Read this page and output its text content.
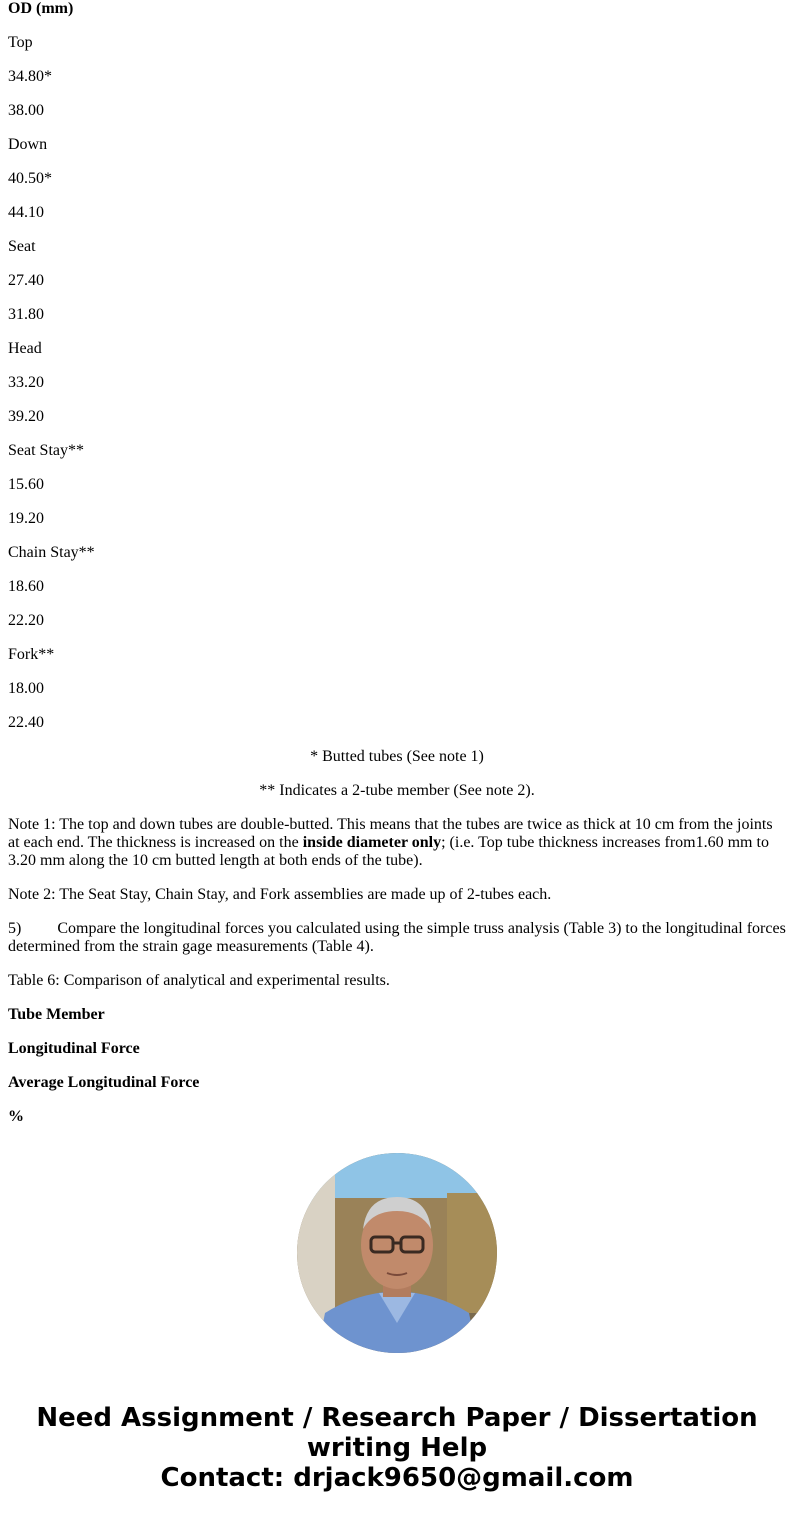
OD (mm)

Top

34.80*

38.00

Down

40.50*

44.10

Seat

27.40

31.80

Head

33.20

39.20

Seat Stay**

15.60

19.20

Chain Stay**

18.60

22.20

Fork**

18.00

22.40

* Butted tubes (See note 1)

** Indicates a 2-tube member (See note 2).

Note 1: The top and down tubes are double-butted. This means that the tubes are twice as thick at 10 cm from the joints at each end. The thickness is increased on the inside diameter only; (i.e. Top tube thickness increases from1.60 mm to 3.20 mm along the 10 cm butted length at both ends of the tube).

Note 2: The Seat Stay, Chain Stay, and Fork assemblies are made up of 2-tubes each.

5) Compare the longitudinal forces you calculated using the simple truss analysis (Table 3) to the longitudinal forces determined from the strain gage measurements (Table 4).

Table 6: Comparison of analytical and experimental results.

Tube Member

Longitudinal Force

Average Longitudinal Force

%

Need Assignment / Research Paper / Dissertation
writing Help
Contact: drjack9650@gmail.com
